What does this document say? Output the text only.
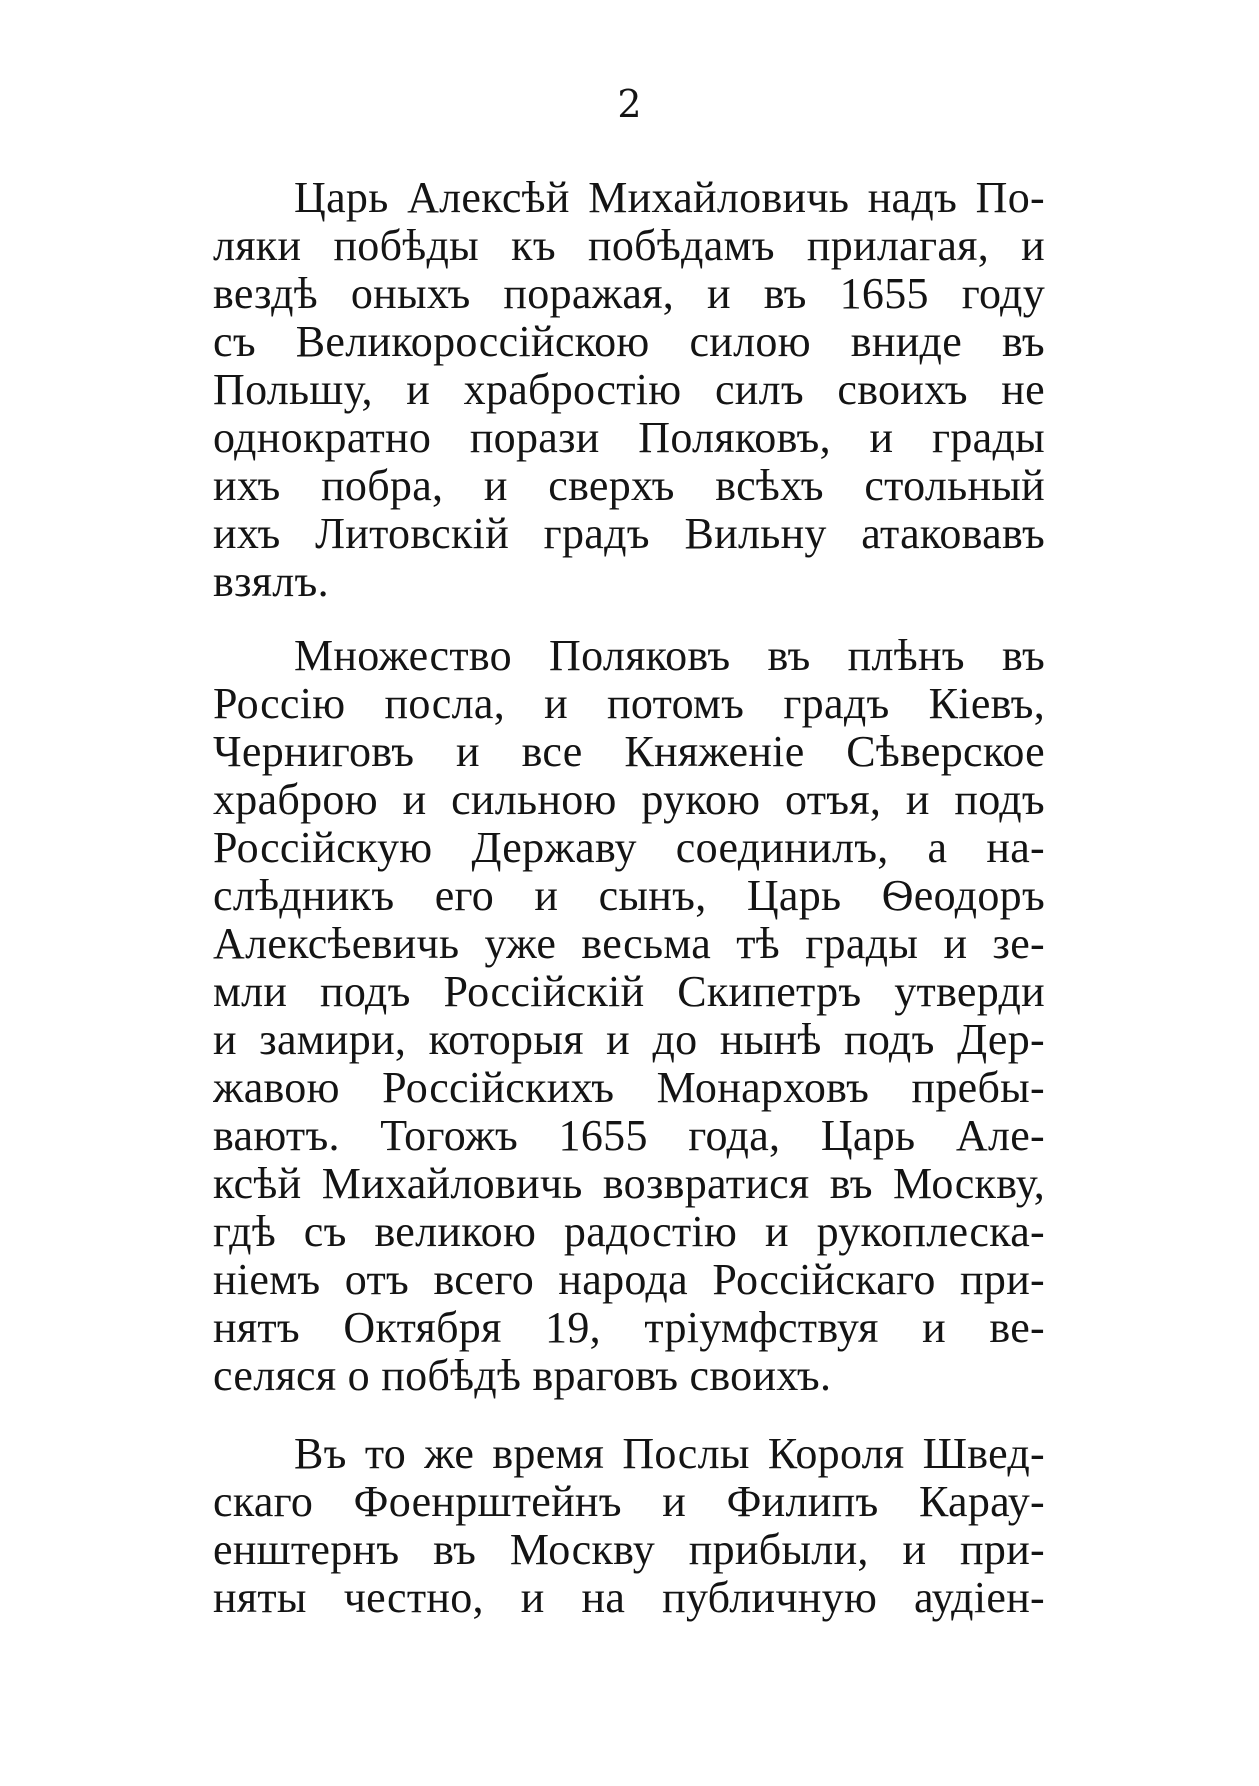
2
Царь Алексѣй Михайловичь надъ По-
ляки побѣды къ побѣдамъ прилагая, и
вездѣ оныхъ поражая, и въ 1655 году
съ Великороссійскою силою вниде въ
Польшу, и храбростію силъ своихъ не
однократно порази Поляковъ, и грады
ихъ побра, и сверхъ всѣхъ стольный
ихъ Литовскій градъ Вильну атаковавъ
взялъ.
Множество Поляковъ въ плѣнъ въ
Россію посла, и потомъ градъ Кіевъ,
Черниговъ и все Княженіе Сѣверское
храброю и сильною рукою отъя, и подъ
Россійскую Державу соединилъ, а на-
слѣдникъ его и сынъ, Царь Ѳеодоръ
Алексѣевичь уже весьма тѣ грады и зе-
мли подъ Россійскій Скипетръ утверди
и замири, которыя и до нынѣ подъ Дер-
жавою Россійскихъ Монарховъ пребы-
ваютъ. Тогожъ 1655 года, Царь Але-
ксѣй Михайловичь возвратися въ Москву,
гдѣ съ великою радостію и рукоплеска-
ніемъ отъ всего народа Россійскаго при-
нятъ Октября 19, тріумфствуя и ве-
селяся о побѣдѣ враговъ своихъ.
Въ то же время Послы Короля Швед-
скаго Фоенрштейнъ и Филипъ Карау-
енштернъ въ Москву прибыли, и при-
няты честно, и на публичную аудіен-
